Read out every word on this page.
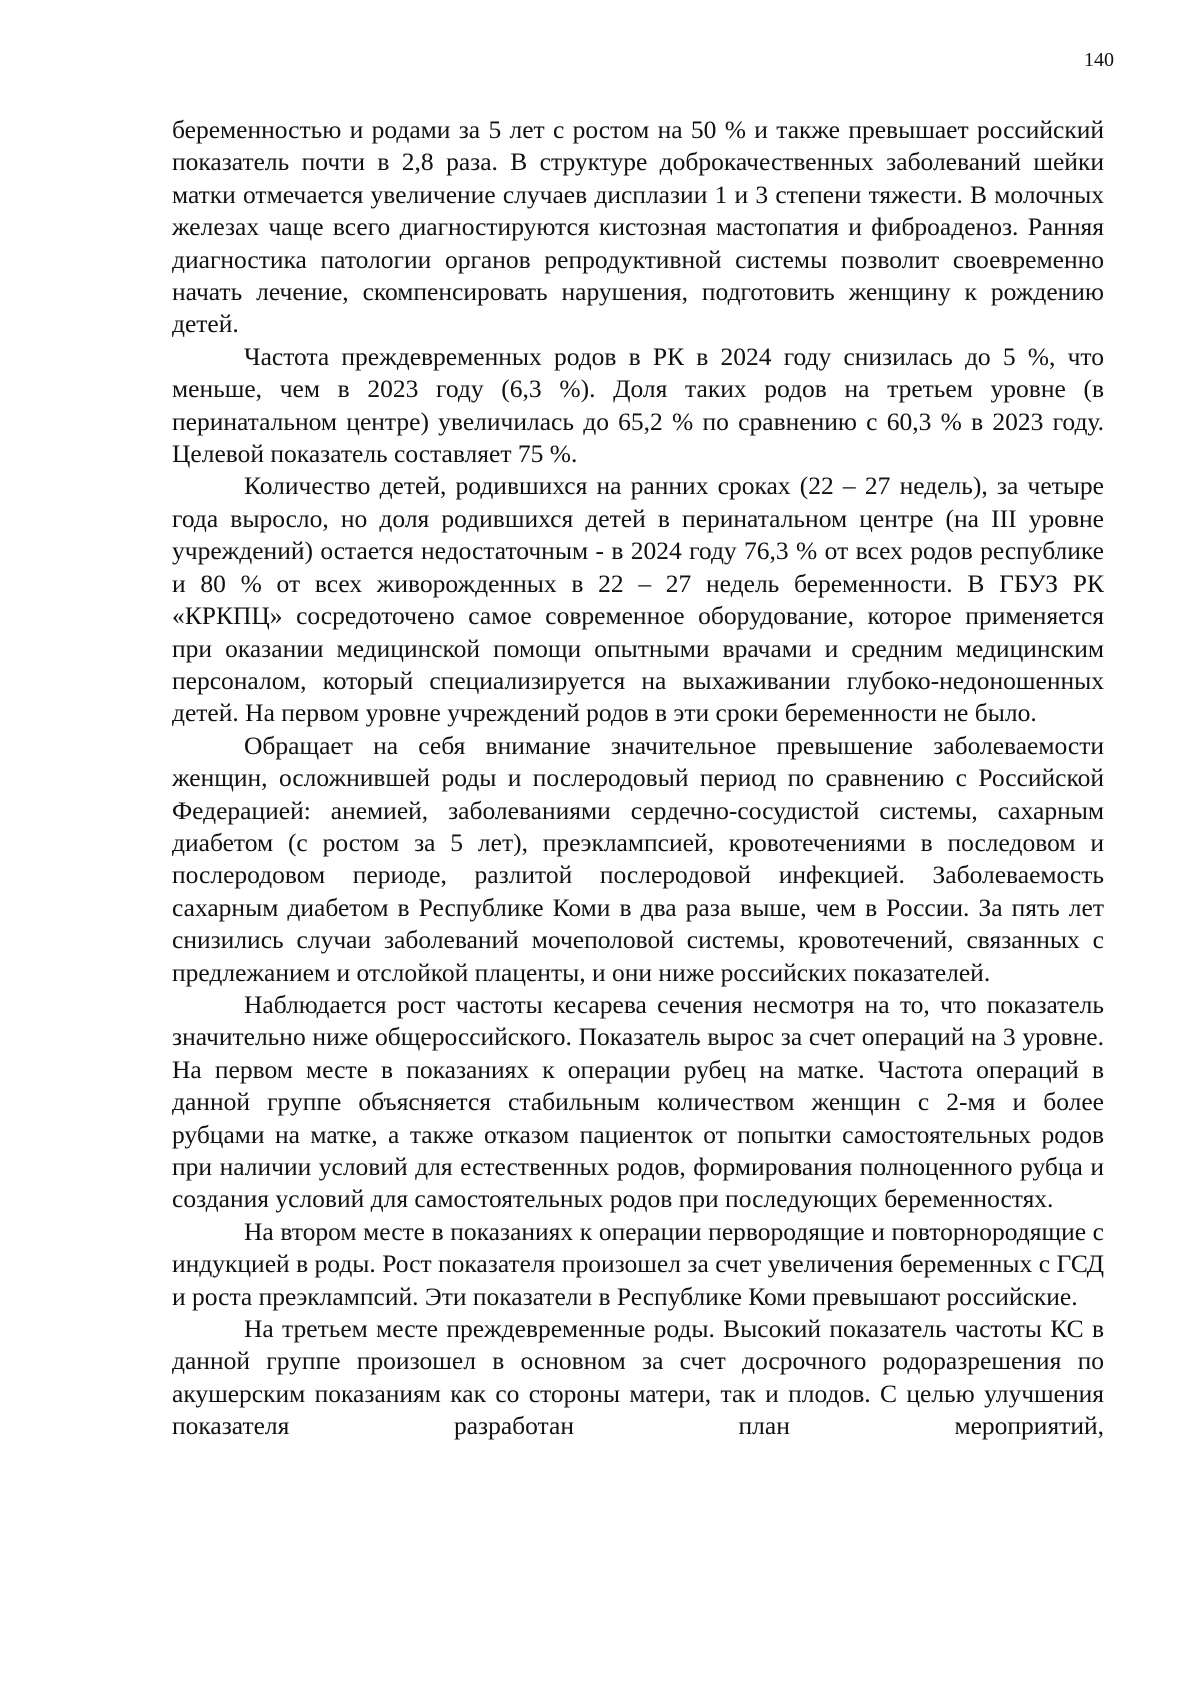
140

беременностью и родами за 5 лет с ростом на 50 % и также превышает российский показатель почти в 2,8 раза. В структуре доброкачественных заболеваний шейки матки отмечается увеличение случаев дисплазии 1 и 3 степени тяжести. В молочных железах чаще всего диагностируются кистозная мастопатия и фиброаденоз. Ранняя диагностика патологии органов репродуктивной системы позволит своевременно начать лечение, скомпенсировать нарушения, подготовить женщину к рождению детей.

Частота преждевременных родов в РК в 2024 году снизилась до 5 %, что меньше, чем в 2023 году (6,3 %). Доля таких родов на третьем уровне (в перинатальном центре) увеличилась до 65,2 % по сравнению с 60,3 % в 2023 году. Целевой показатель составляет 75 %.

Количество детей, родившихся на ранних сроках (22 – 27 недель), за четыре года выросло, но доля родившихся детей в перинатальном центре (на III уровне учреждений) остается недостаточным - в 2024 году 76,3 % от всех родов республике и 80 % от всех живорожденных в 22 – 27 недель беременности. В ГБУЗ РК «КРКПЦ» сосредоточено самое современное оборудование, которое применяется при оказании медицинской помощи опытными врачами и средним медицинским персоналом, который специализируется на выхаживании глубоко-недоношенных детей. На первом уровне учреждений родов в эти сроки беременности не было.

Обращает на себя внимание значительное превышение заболеваемости женщин, осложнившей роды и послеродовый период по сравнению с Российской Федерацией: анемией, заболеваниями сердечно-сосудистой системы, сахарным диабетом (с ростом за 5 лет), преэклампсией, кровотечениями в последовом и послеродовом периоде, разлитой послеродовой инфекцией. Заболеваемость сахарным диабетом в Республике Коми в два раза выше, чем в России. За пять лет снизились случаи заболеваний мочеполовой системы, кровотечений, связанных с предлежанием и отслойкой плаценты, и они ниже российских показателей.

Наблюдается рост частоты кесарева сечения несмотря на то, что показатель значительно ниже общероссийского. Показатель вырос за счет операций на 3 уровне. На первом месте в показаниях к операции рубец на матке. Частота операций в данной группе объясняется стабильным количеством женщин с 2-мя и более рубцами на матке, а также отказом пациенток от попытки самостоятельных родов при наличии условий для естественных родов, формирования полноценного рубца и создания условий для самостоятельных родов при последующих беременностях.

На втором месте в показаниях к операции первородящие и повторнородящие с индукцией в роды. Рост показателя произошел за счет увеличения беременных с ГСД и роста преэклампсий. Эти показатели в Республике Коми превышают российские.

На третьем месте преждевременные роды. Высокий показатель частоты КС в данной группе произошел в основном за счет досрочного родоразрешения по акушерским показаниям как со стороны матери, так и плодов. С целью улучшения показателя разработан план мероприятий,
